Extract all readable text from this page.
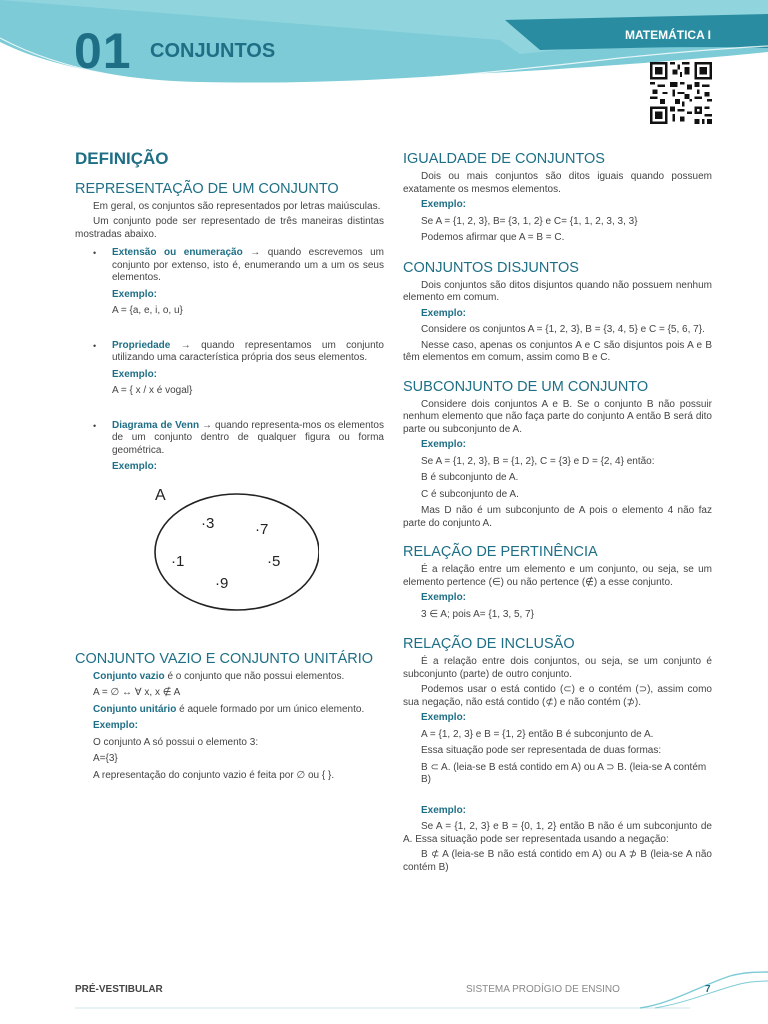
01 CONJUNTOS
MATEMÁTICA I
DEFINIÇÃO
REPRESENTAÇÃO DE UM CONJUNTO

Em geral, os conjuntos são representados por letras maiúsculas.

Um conjunto pode ser representado de três maneiras distintas mostradas abaixo.

• Extensão ou enumeração → quando escrevemos um conjunto por extenso, isto é, enumerando um a um os seus elementos.
Exemplo:

A = {a, e, i, o, u}

• Propriedade → quando representamos um conjunto utilizando uma característica própria dos seus elementos.
Exemplo:

A = { x / x é vogal}

• Diagrama de Venn → quando representa-mos os elementos de um conjunto dentro de qualquer figura ou forma geométrica.
Exemplo:
A
·3	·7
·1	·5
·9
CONJUNTO VAZIO E CONJUNTO UNITÁRIO

Conjunto vazio é o conjunto que não possui elementos.

A = ∅ ↔ ∀ x, x ∉ A

Conjunto unitário é aquele formado por um único elemento.

Exemplo:

O conjunto A só possui o elemento 3:

A={3}

A representação do conjunto vazio é feita por ∅ ou { }.

IGUALDADE DE CONJUNTOS

Dois ou mais conjuntos são ditos iguais quando possuem exatamente os mesmos elementos.

Exemplo:

Se A = {1, 2, 3}, B= {3, 1, 2} e C= {1, 1, 2, 3, 3, 3}

Podemos afirmar que A = B = C.

CONJUNTOS DISJUNTOS

Dois conjuntos são ditos disjuntos quando não possuem nenhum elemento em comum.

Exemplo:

Considere os conjuntos A = {1, 2, 3}, B = {3, 4, 5} e C = {5, 6, 7}.

Nesse caso, apenas os conjuntos A e C são disjuntos pois A e B têm elementos em comum, assim como B e C.

SUBCONJUNTO DE UM CONJUNTO

Considere dois conjuntos A e B. Se o conjunto B não possuir nenhum elemento que não faça parte do conjunto A então B será dito parte ou subconjunto de A.

Exemplo:

Se A = {1, 2, 3}, B = {1, 2}, C = {3} e D = {2, 4} então:

B é subconjunto de A.

C é subconjunto de A.

Mas D não é um subconjunto de A pois o elemento 4 não faz parte do conjunto A.

RELAÇÃO DE PERTINÊNCIA

É a relação entre um elemento e um conjunto, ou seja, se um elemento pertence (∈) ou não pertence (∉) a esse conjunto.

Exemplo:

3 ∈ A; pois A= {1, 3, 5, 7}

RELAÇÃO DE INCLUSÃO

É a relação entre dois conjuntos, ou seja, se um conjunto é subconjunto (parte) de outro conjunto.

Podemos usar o está contido (⊂) e o contém (⊃), assim como sua negação, não está contido (⊄) e não contém (⊅).

Exemplo:

A = {1, 2, 3} e B = {1, 2} então B é subconjunto de A.

Essa situação pode ser representada de duas formas:

B ⊂ A. (leia-se B está contido em A) ou A ⊃ B. (leia-se A contém B)

Exemplo:

Se A = {1, 2, 3} e B = {0, 1, 2} então B não é um subconjunto de A. Essa situação pode ser representada usando a negação:

B ⊄ A (leia-se B não está contido em A) ou A ⊅ B (leia-se A não contém B)

PRÉ-VESTIBULAR	SISTEMA PRODÍGIO DE ENSINO	7
